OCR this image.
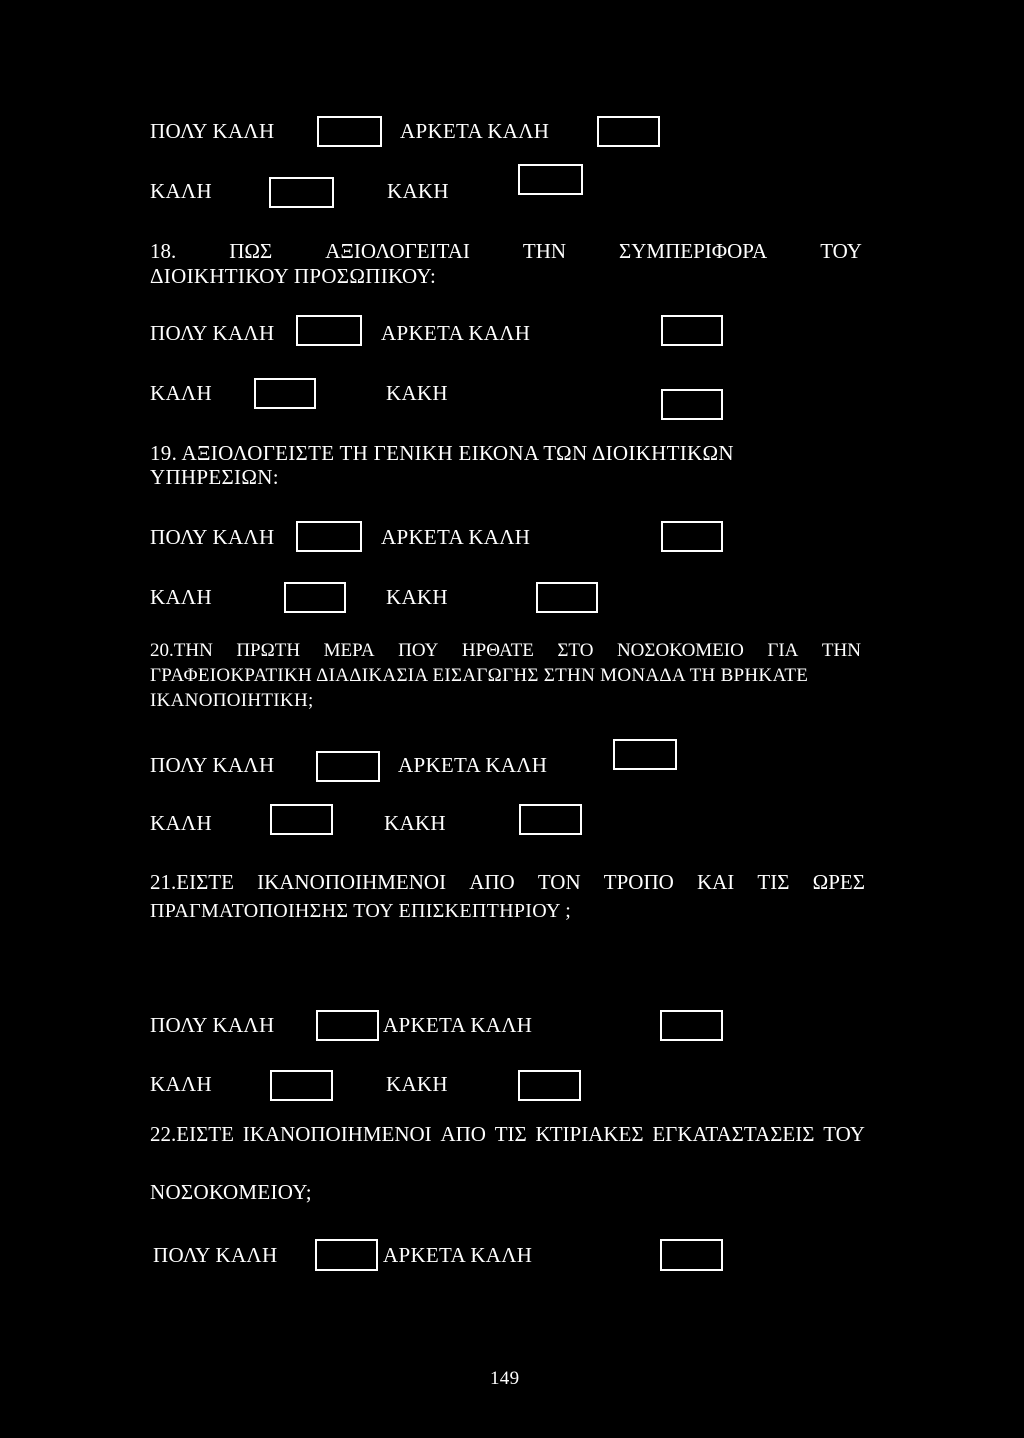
ΠΟΛΥ ΚΑΛΗ	ΑΡΚΕΤΑ ΚΑΛΗ
ΚΑΛΗ	ΚΑΚΗ
18.	ΠΩΣ	ΑΞΙΟΛΟΓΕΙΤΑΙ	ΤΗΝ	ΣΥΜΠΕΡΙΦΟΡΑ	ΤΟΥ
ΔΙΟΙΚΗΤΙΚΟΥ ΠΡΟΣΩΠΙΚΟΥ:
ΠΟΛΥ ΚΑΛΗ	ΑΡΚΕΤΑ ΚΑΛΗ
ΚΑΛΗ	ΚΑΚΗ
19. ΑΞΙΟΛΟΓΕΙΣΤΕ ΤΗ ΓΕΝΙΚΗ ΕΙΚΟΝΑ ΤΩΝ ΔΙΟΙΚΗΤΙΚΩΝ
ΥΠΗΡΕΣΙΩΝ:
ΠΟΛΥ ΚΑΛΗ	ΑΡΚΕΤΑ ΚΑΛΗ
ΚΑΛΗ	ΚΑΚΗ
20.ΤΗΝ ΠΡΩΤΗ ΜΕΡΑ ΠΟΥ ΗΡΘΑΤΕ ΣΤΟ ΝΟΣΟΚΟΜΕΙΟ ΓΙΑ ΤΗΝ
ΓΡΑΦΕΙΟΚΡΑΤΙΚΗ ΔΙΑΔΙΚΑΣΙΑ ΕΙΣΑΓΩΓΗΣ ΣΤΗΝ ΜΟΝΑΔΑ ΤΗ ΒΡΗΚΑΤΕ
ΙΚΑΝΟΠΟΙΗΤΙΚΗ;
ΠΟΛΥ ΚΑΛΗ	ΑΡΚΕΤΑ ΚΑΛΗ
ΚΑΛΗ	ΚΑΚΗ
21.ΕΙΣΤΕ ΙΚΑΝΟΠΟΙΗΜΕΝΟΙ ΑΠΟ ΤΟΝ ΤΡΟΠΟ ΚΑΙ ΤΙΣ ΩΡΕΣ
ΠΡΑΓΜΑΤΟΠΟΙΗΣΗΣ ΤΟΥ ΕΠΙΣΚΕΠΤΗΡΙΟΥ ;
ΠΟΛΥ ΚΑΛΗ	ΑΡΚΕΤΑ ΚΑΛΗ
ΚΑΛΗ	ΚΑΚΗ
22.ΕΙΣΤΕ ΙΚΑΝΟΠΟΙΗΜΕΝΟΙ ΑΠΟ ΤΙΣ ΚΤΙΡΙΑΚΕΣ ΕΓΚΑΤΑΣΤΑΣΕΙΣ ΤΟΥ
ΝΟΣΟΚΟΜΕΙΟΥ;
ΠΟΛΥ ΚΑΛΗ	ΑΡΚΕΤΑ ΚΑΛΗ
149
